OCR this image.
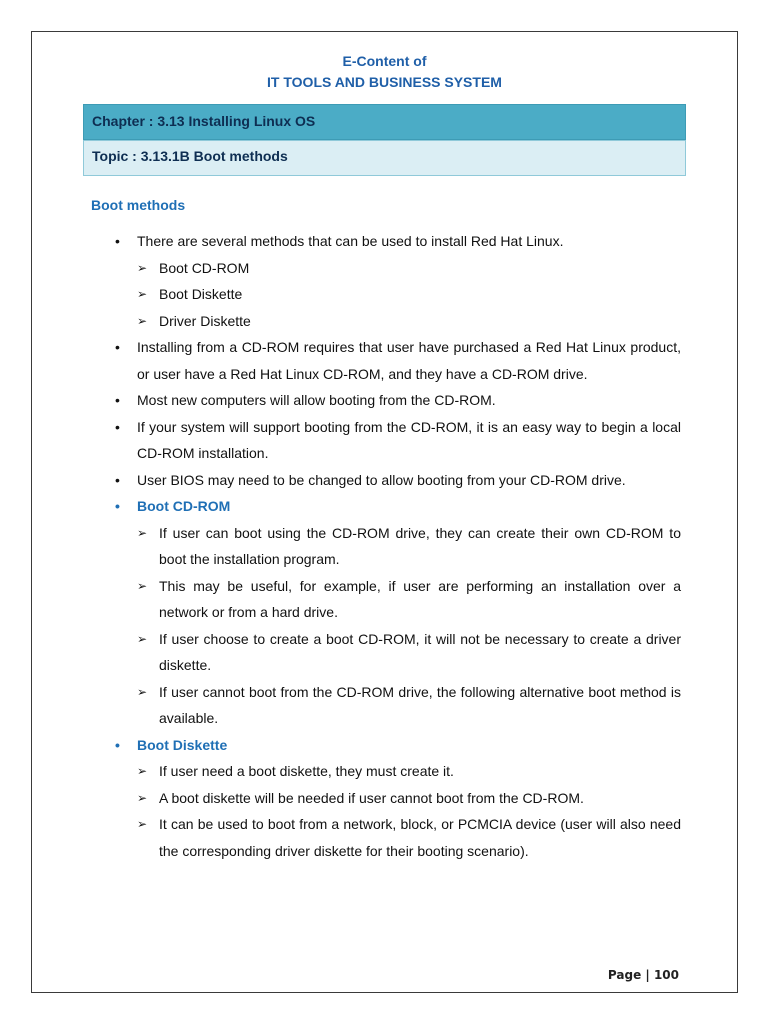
E-Content of
IT TOOLS AND BUSINESS SYSTEM
Chapter : 3.13 Installing Linux OS
Topic : 3.13.1B Boot methods
Boot methods
• There are several methods that can be used to install Red Hat Linux.
➢ Boot CD-ROM
➢ Boot Diskette
➢ Driver Diskette
• Installing from a CD-ROM requires that user have purchased a Red Hat Linux product, or user have a Red Hat Linux CD-ROM, and they have a CD-ROM drive.
• Most new computers will allow booting from the CD-ROM.
• If your system will support booting from the CD-ROM, it is an easy way to begin a local CD-ROM installation.
• User BIOS may need to be changed to allow booting from your CD-ROM drive.
• Boot CD-ROM
➢ If user can boot using the CD-ROM drive, they can create their own CD-ROM to boot the installation program.
➢ This may be useful, for example, if user are performing an installation over a network or from a hard drive.
➢ If user choose to create a boot CD-ROM, it will not be necessary to create a driver diskette.
➢ If user cannot boot from the CD-ROM drive, the following alternative boot method is available.
• Boot Diskette
➢ If user need a boot diskette, they must create it.
➢ A boot diskette will be needed if user cannot boot from the CD-ROM.
➢ It can be used to boot from a network, block, or PCMCIA device (user will also need the corresponding driver diskette for their booting scenario).
Page | 100
